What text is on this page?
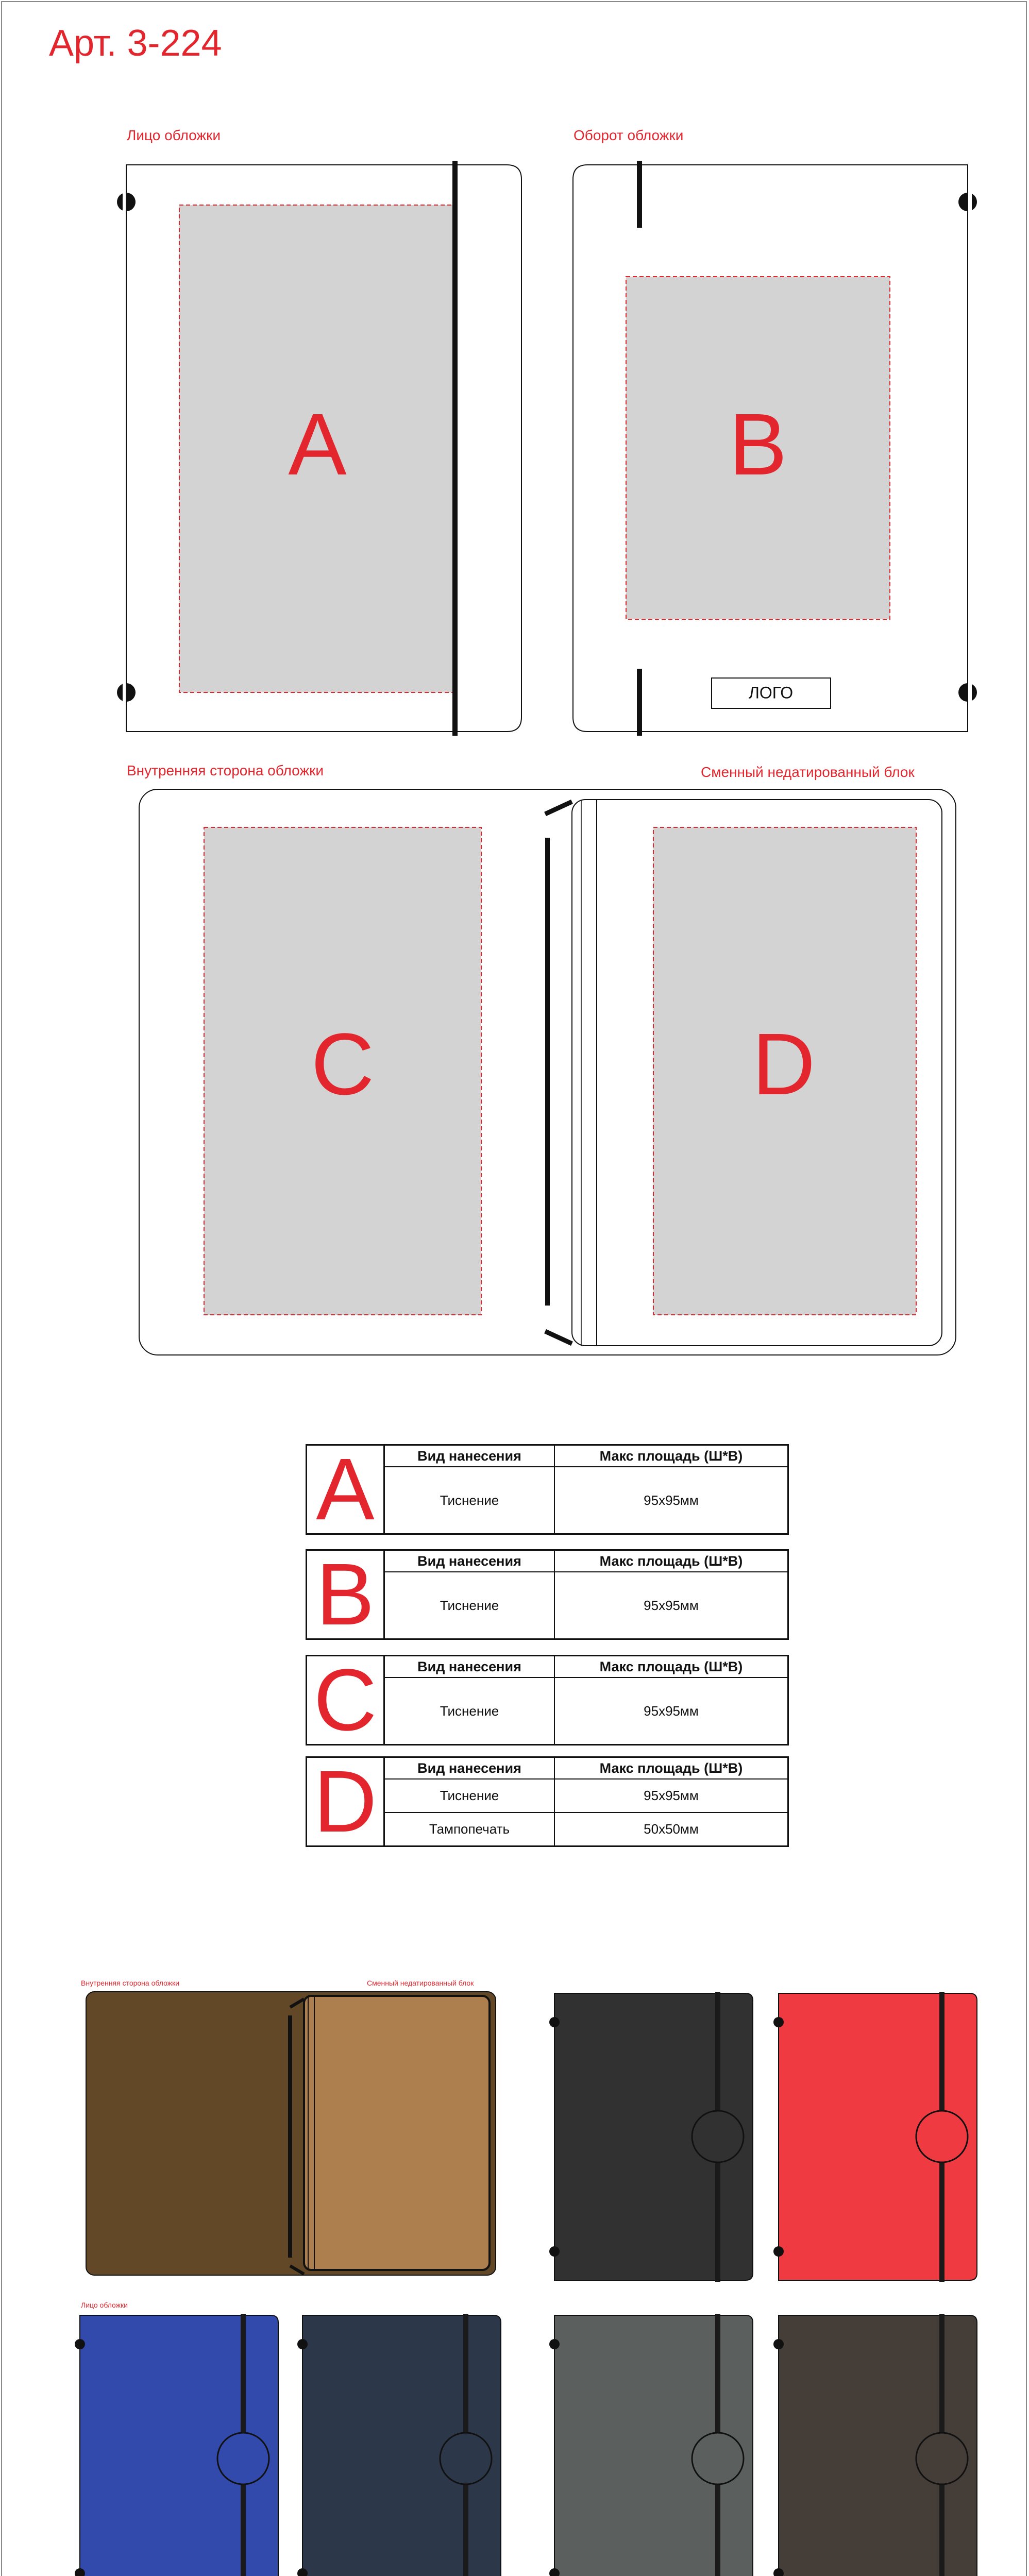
Арт. 3-224
Лицо обложки	Оборот обложки
Внутренняя сторона обложки	Сменный недатированный блок
A	B
ЛОГО
C	D
A	Вид нанесения	Макс площадь (Ш*В)
Тиснение	95х95мм
B	Вид нанесения	Макс площадь (Ш*В)
Тиснение	95х95мм
C	Вид нанесения	Макс площадь (Ш*В)
Тиснение	95х95мм
D	Вид нанесения	Макс площадь (Ш*В)
Тиснение	95х95мм
Тампопечать	50х50мм
Внутренняя сторона обложки	Сменный недатированный блок
Лицо обложки
